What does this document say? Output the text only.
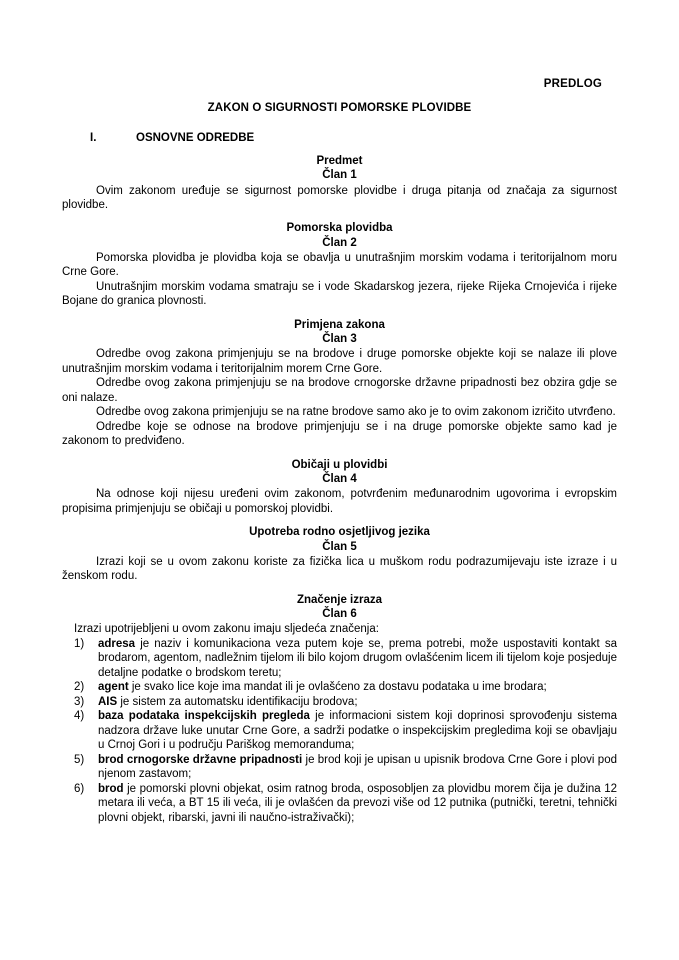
PREDLOG
ZAKON O SIGURNOSTI POMORSKE PLOVIDBE
I.	OSNOVNE ODREDBE
Predmet
Član 1

Ovim zakonom uređuje se sigurnost pomorske plovidbe i druga pitanja od značaja za sigurnost plovidbe.

Pomorska plovidba
Član 2

Pomorska plovidba je plovidba koja se obavlja u unutrašnjim morskim vodama i teritorijalnom moru Crne Gore.

Unutrašnjim morskim vodama smatraju se i vode Skadarskog jezera, rijeke Rijeka Crnojevića i rijeke Bojane do granica plovnosti.

Primjena zakona
Član 3

Odredbe ovog zakona primjenjuju se na brodove i druge pomorske objekte koji se nalaze ili plove unutrašnjim morskim vodama i teritorijalnim morem Crne Gore.

Odredbe ovog zakona primjenjuju se na brodove crnogorske državne pripadnosti bez obzira gdje se oni nalaze.

Odredbe ovog zakona primjenjuju se na ratne brodove samo ako je to ovim zakonom izričito utvrđeno.

Odredbe koje se odnose na brodove primjenjuju se i na druge pomorske objekte samo kad je zakonom to predviđeno.

Običaji u plovidbi
Član 4

Na odnose koji nijesu uređeni ovim zakonom, potvrđenim međunarodnim ugovorima i evropskim propisima primjenjuju se običaji u pomorskoj plovidbi.

Upotreba rodno osjetljivog jezika
Član 5

Izrazi koji se u ovom zakonu koriste za fizička lica u muškom rodu podrazumijevaju iste izraze i u ženskom rodu.

Značenje izraza
Član 6

Izrazi upotrijebljeni u ovom zakonu imaju sljedeća značenja:

1)	adresa je naziv i komunikaciona veza putem koje se, prema potrebi, može uspostaviti kontakt sa brodarom, agentom, nadležnim tijelom ili bilo kojom drugom ovlašćenim licem ili tijelom koje posjeduje detaljne podatke o brodskom teretu;
2)	agent je svako lice koje ima mandat ili je ovlašćeno za dostavu podataka u ime brodara;
3)	AIS je sistem za automatsku identifikaciju brodova;
4)	baza podataka inspekcijskih pregleda je informacioni sistem koji doprinosi sprovođenju sistema nadzora države luke unutar Crne Gore, a sadrži podatke o inspekcijskim pregledima koji se obavljaju u Crnoj Gori i u području Pariškog memoranduma;
5)	brod crnogorske državne pripadnosti je brod koji je upisan u upisnik brodova Crne Gore i plovi pod njenom zastavom;
6)	brod je pomorski plovni objekat, osim ratnog broda, osposobljen za plovidbu morem čija je dužina 12 metara ili veća, a BT 15 ili veća, ili je ovlašćen da prevozi više od 12 putnika (putnički, teretni, tehnički plovni objekt, ribarski, javni ili naučno-istraživački);
